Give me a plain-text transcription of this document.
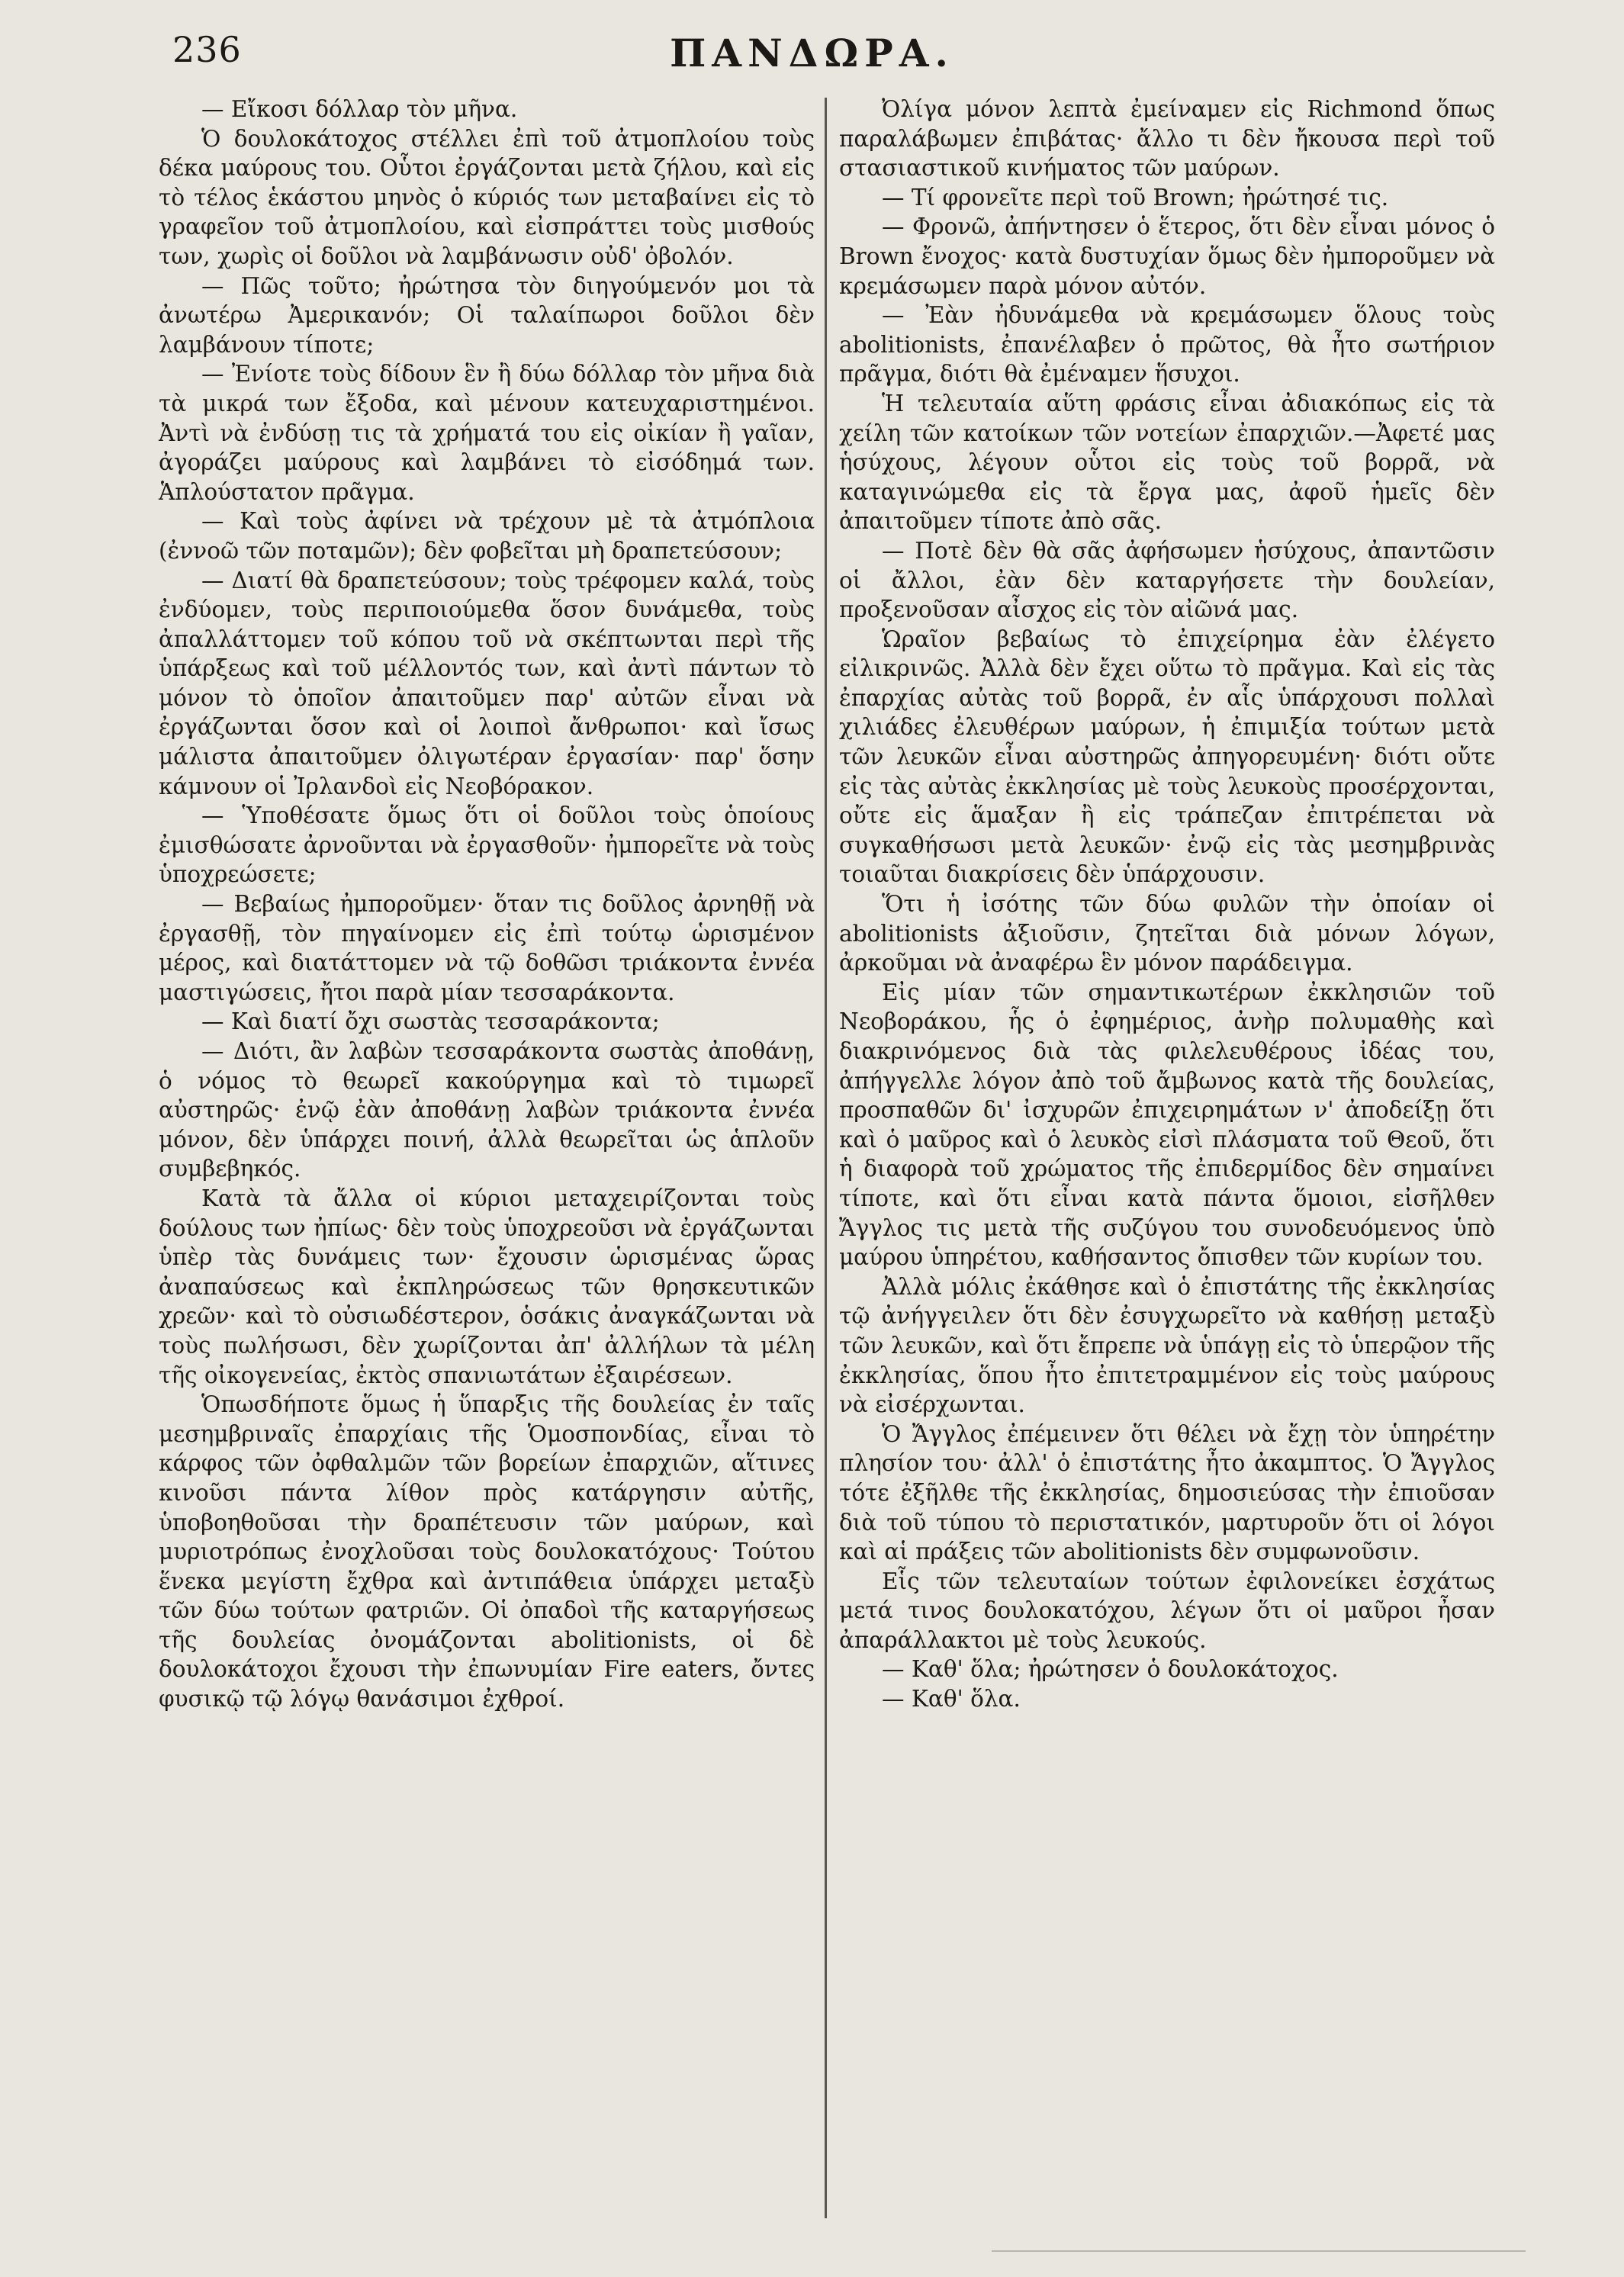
236	ΠΑΝΔΩΡΑ.

— Εἴκοσι δόλλαρ τὸν μῆνα.

Ὁ δουλοκάτοχος στέλλει ἐπὶ τοῦ ἀτμοπλοίου τοὺς δέκα μαύρους του. Οὗτοι ἐργάζονται μετὰ ζήλου, καὶ εἰς τὸ τέλος ἑκάστου μηνὸς ὁ κύριός των μεταβαίνει εἰς τὸ γραφεῖον τοῦ ἀτμοπλοίου, καὶ εἰσπράττει τοὺς μισθούς των, χωρὶς οἱ δοῦλοι νὰ λαμβάνωσιν οὐδ' ὀβολόν.

— Πῶς τοῦτο; ἠρώτησα τὸν διηγούμενόν μοι τὰ ἀνωτέρω Ἀμερικανόν; Οἱ ταλαίπωροι δοῦλοι δὲν λαμβάνουν τίποτε;

— Ἐνίοτε τοὺς δίδουν ἓν ἢ δύω δόλλαρ τὸν μῆνα διὰ τὰ μικρά των ἔξοδα, καὶ μένουν κατευχαριστημένοι. Ἀντὶ νὰ ἐνδύσῃ τις τὰ χρήματά του εἰς οἰκίαν ἢ γαῖαν, ἀγοράζει μαύρους καὶ λαμβάνει τὸ εἰσόδημά των. Ἁπλούστατον πρᾶγμα.

— Καὶ τοὺς ἀφίνει νὰ τρέχουν μὲ τὰ ἀτμόπλοια (ἐννοῶ τῶν ποταμῶν); δὲν φοβεῖται μὴ δραπετεύσουν;

— Διατί θὰ δραπετεύσουν; τοὺς τρέφομεν καλά, τοὺς ἐνδύομεν, τοὺς περιποιούμεθα ὅσον δυνάμεθα, τοὺς ἀπαλλάττομεν τοῦ κόπου τοῦ νὰ σκέπτωνται περὶ τῆς ὑπάρξεως καὶ τοῦ μέλλοντός των, καὶ ἀντὶ πάντων τὸ μόνον τὸ ὁποῖον ἀπαιτοῦμεν παρ' αὐτῶν εἶναι νὰ ἐργάζωνται ὅσον καὶ οἱ λοιποὶ ἄνθρωποι· καὶ ἴσως μάλιστα ἀπαιτοῦμεν ὀλιγωτέραν ἐργασίαν· παρ' ὅσην κάμνουν οἱ Ἰρλανδοὶ εἰς Νεοβόρακον.

— Ὑποθέσατε ὅμως ὅτι οἱ δοῦλοι τοὺς ὁποίους ἐμισθώσατε ἀρνοῦνται νὰ ἐργασθοῦν· ἠμπορεῖτε νὰ τοὺς ὑποχρεώσετε;

— Βεβαίως ἠμποροῦμεν· ὅταν τις δοῦλος ἀρνηθῇ νὰ ἐργασθῇ, τὸν πηγαίνομεν εἰς ἐπὶ τούτῳ ὡρισμένον μέρος, καὶ διατάττομεν νὰ τῷ δοθῶσι τριάκοντα ἐννέα μαστιγώσεις, ἤτοι παρὰ μίαν τεσσαράκοντα.

— Καὶ διατί ὄχι σωστὰς τεσσαράκοντα;

— Διότι, ἂν λαβὼν τεσσαράκοντα σωστὰς ἀποθάνῃ, ὁ νόμος τὸ θεωρεῖ κακούργημα καὶ τὸ τιμωρεῖ αὐστηρῶς· ἐνῷ ἐὰν ἀποθάνῃ λαβὼν τριάκοντα ἐννέα μόνον, δὲν ὑπάρχει ποινή, ἀλλὰ θεωρεῖται ὡς ἁπλοῦν συμβεβηκός.

Κατὰ τὰ ἄλλα οἱ κύριοι μεταχειρίζονται τοὺς δούλους των ἠπίως· δὲν τοὺς ὑποχρεοῦσι νὰ ἐργάζωνται ὑπὲρ τὰς δυνάμεις των· ἔχουσιν ὡρισμένας ὥρας ἀναπαύσεως καὶ ἐκπληρώσεως τῶν θρησκευτικῶν χρεῶν· καὶ τὸ οὐσιωδέστερον, ὁσάκις ἀναγκάζωνται νὰ τοὺς πωλήσωσι, δὲν χωρίζονται ἀπ' ἀλλήλων τὰ μέλη τῆς οἰκογενείας, ἐκτὸς σπανιωτάτων ἐξαιρέσεων.

Ὁπωσδήποτε ὅμως ἡ ὕπαρξις τῆς δουλείας ἐν ταῖς μεσημβριναῖς ἐπαρχίαις τῆς Ὁμοσπονδίας, εἶναι τὸ κάρφος τῶν ὀφθαλμῶν τῶν βορείων ἐπαρχιῶν, αἵτινες κινοῦσι πάντα λίθον πρὸς κατάργησιν αὐτῆς, ὑποβοηθοῦσαι τὴν δραπέτευσιν τῶν μαύρων, καὶ μυριοτρόπως ἐνοχλοῦσαι τοὺς δουλοκατόχους· Τούτου ἕνεκα μεγίστη ἔχθρα καὶ ἀντιπάθεια ὑπάρχει μεταξὺ τῶν δύω τούτων φατριῶν. Οἱ ὀπαδοὶ τῆς καταργήσεως τῆς δουλείας ὀνομάζονται abolitionists, οἱ δὲ δουλοκάτοχοι ἔχουσι τὴν ἐπωνυμίαν Fire eaters, ὄντες φυσικῷ τῷ λόγῳ θανάσιμοι ἐχθροί.

Ὀλίγα μόνον λεπτὰ ἐμείναμεν εἰς Richmond ὅπως παραλάβωμεν ἐπιβάτας· ἄλλο τι δὲν ἤκουσα περὶ τοῦ στασιαστικοῦ κινήματος τῶν μαύρων.

— Τί φρονεῖτε περὶ τοῦ Brown; ἠρώτησέ τις.

— Φρονῶ, ἀπήντησεν ὁ ἕτερος, ὅτι δὲν εἶναι μόνος ὁ Brown ἔνοχος· κατὰ δυστυχίαν ὅμως δὲν ἠμποροῦμεν νὰ κρεμάσωμεν παρὰ μόνον αὐτόν.

— Ἐὰν ἠδυνάμεθα νὰ κρεμάσωμεν ὅλους τοὺς abolitionists, ἐπανέλαβεν ὁ πρῶτος, θὰ ἦτο σωτήριον πρᾶγμα, διότι θὰ ἐμέναμεν ἥσυχοι.

Ἡ τελευταία αὕτη φράσις εἶναι ἀδιακόπως εἰς τὰ χείλη τῶν κατοίκων τῶν νοτείων ἐπαρχιῶν.—Ἀφετέ μας ἡσύχους, λέγουν οὗτοι εἰς τοὺς τοῦ βορρᾶ, νὰ καταγινώμεθα εἰς τὰ ἔργα μας, ἀφοῦ ἡμεῖς δὲν ἀπαιτοῦμεν τίποτε ἀπὸ σᾶς.

— Ποτὲ δὲν θὰ σᾶς ἀφήσωμεν ἡσύχους, ἀπαντῶσιν οἱ ἄλλοι, ἐὰν δὲν καταργήσετε τὴν δουλείαν, προξενοῦσαν αἶσχος εἰς τὸν αἰῶνά μας.

Ὡραῖον βεβαίως τὸ ἐπιχείρημα ἐὰν ἐλέγετο εἰλικρινῶς. Ἀλλὰ δὲν ἔχει οὕτω τὸ πρᾶγμα. Καὶ εἰς τὰς ἐπαρχίας αὐτὰς τοῦ βορρᾶ, ἐν αἷς ὑπάρχουσι πολλαὶ χιλιάδες ἐλευθέρων μαύρων, ἡ ἐπιμιξία τούτων μετὰ τῶν λευκῶν εἶναι αὐστηρῶς ἀπηγορευμένη· διότι οὔτε εἰς τὰς αὐτὰς ἐκκλησίας μὲ τοὺς λευκοὺς προσέρχονται, οὔτε εἰς ἅμαξαν ἢ εἰς τράπεζαν ἐπιτρέπεται νὰ συγκαθήσωσι μετὰ λευκῶν· ἐνῷ εἰς τὰς μεσημβρινὰς τοιαῦται διακρίσεις δὲν ὑπάρχουσιν.

Ὅτι ἡ ἰσότης τῶν δύω φυλῶν τὴν ὁποίαν οἱ abolitionists ἀξιοῦσιν, ζητεῖται διὰ μόνων λόγων, ἀρκοῦμαι νὰ ἀναφέρω ἓν μόνον παράδειγμα.

Εἰς μίαν τῶν σημαντικωτέρων ἐκκλησιῶν τοῦ Νεοβοράκου, ἧς ὁ ἐφημέριος, ἀνὴρ πολυμαθὴς καὶ διακρινόμενος διὰ τὰς φιλελευθέρους ἰδέας του, ἀπήγγελλε λόγον ἀπὸ τοῦ ἄμβωνος κατὰ τῆς δουλείας, προσπαθῶν δι' ἰσχυρῶν ἐπιχειρημάτων ν' ἀποδείξῃ ὅτι καὶ ὁ μαῦρος καὶ ὁ λευκὸς εἰσὶ πλάσματα τοῦ Θεοῦ, ὅτι ἡ διαφορὰ τοῦ χρώματος τῆς ἐπιδερμίδος δὲν σημαίνει τίποτε, καὶ ὅτι εἶναι κατὰ πάντα ὅμοιοι, εἰσῆλθεν Ἄγγλος τις μετὰ τῆς συζύγου του συνοδευόμενος ὑπὸ μαύρου ὑπηρέτου, καθήσαντος ὄπισθεν τῶν κυρίων του.

Ἀλλὰ μόλις ἐκάθησε καὶ ὁ ἐπιστάτης τῆς ἐκκλησίας τῷ ἀνήγγειλεν ὅτι δὲν ἐσυγχωρεῖτο νὰ καθήσῃ μεταξὺ τῶν λευκῶν, καὶ ὅτι ἔπρεπε νὰ ὑπάγῃ εἰς τὸ ὑπερῷον τῆς ἐκκλησίας, ὅπου ἦτο ἐπιτετραμμένον εἰς τοὺς μαύρους νὰ εἰσέρχωνται.

Ὁ Ἄγγλος ἐπέμεινεν ὅτι θέλει νὰ ἔχῃ τὸν ὑπηρέτην πλησίον του· ἀλλ' ὁ ἐπιστάτης ἦτο ἀκαμπτος. Ὁ Ἄγγλος τότε ἐξῆλθε τῆς ἐκκλησίας, δημοσιεύσας τὴν ἐπιοῦσαν διὰ τοῦ τύπου τὸ περιστατικόν, μαρτυροῦν ὅτι οἱ λόγοι καὶ αἱ πράξεις τῶν abolitionists δὲν συμφωνοῦσιν.

Εἷς τῶν τελευταίων τούτων ἐφιλονείκει ἐσχάτως μετά τινος δουλοκατόχου, λέγων ὅτι οἱ μαῦροι ἦσαν ἀπαράλλακτοι μὲ τοὺς λευκούς.

— Καθ' ὅλα; ἠρώτησεν ὁ δουλοκάτοχος.

— Καθ' ὅλα.
